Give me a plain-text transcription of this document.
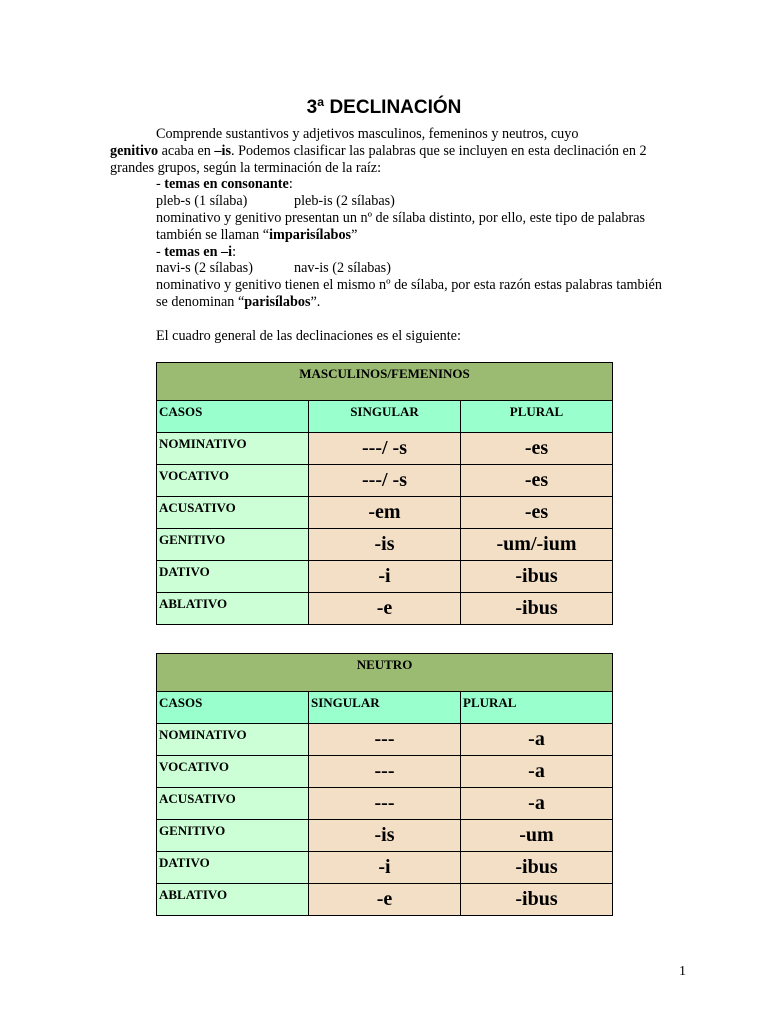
3ª DECLINACIÓN

Comprende sustantivos y adjetivos masculinos, femeninos y neutros, cuyo

genitivo acaba en –is. Podemos clasificar las palabras que se incluyen en esta declinación en 2 grandes grupos, según la terminación de la raíz:

- temas en consonante:

pleb-s (1 sílaba)	pleb-is (2 sílabas)

nominativo y genitivo presentan un nº de sílaba distinto, por ello, este tipo de palabras también se llaman “imparisílabos”

- temas en –i:

navi-s (2 sílabas)	nav-is (2 sílabas)

nominativo y genitivo tienen el mismo nº de sílaba, por esta razón estas palabras también se denominan “parisílabos”.

El cuadro general de las declinaciones es el siguiente:

MASCULINOS/FEMENINOS		
CASOS	SINGULAR	PLURAL
NOMINATIVO	---/ -s	-es
VOCATIVO	---/ -s	-es
ACUSATIVO	-em	-es
GENITIVO	-is	-um/-ium
DATIVO	-i	-ibus
ABLATIVO	-e	-ibus
NEUTRO		
CASOS	SINGULAR	PLURAL
NOMINATIVO	---	-a
VOCATIVO	---	-a
ACUSATIVO	---	-a
GENITIVO	-is	-um
DATIVO	-i	-ibus
ABLATIVO	-e	-ibus
1
